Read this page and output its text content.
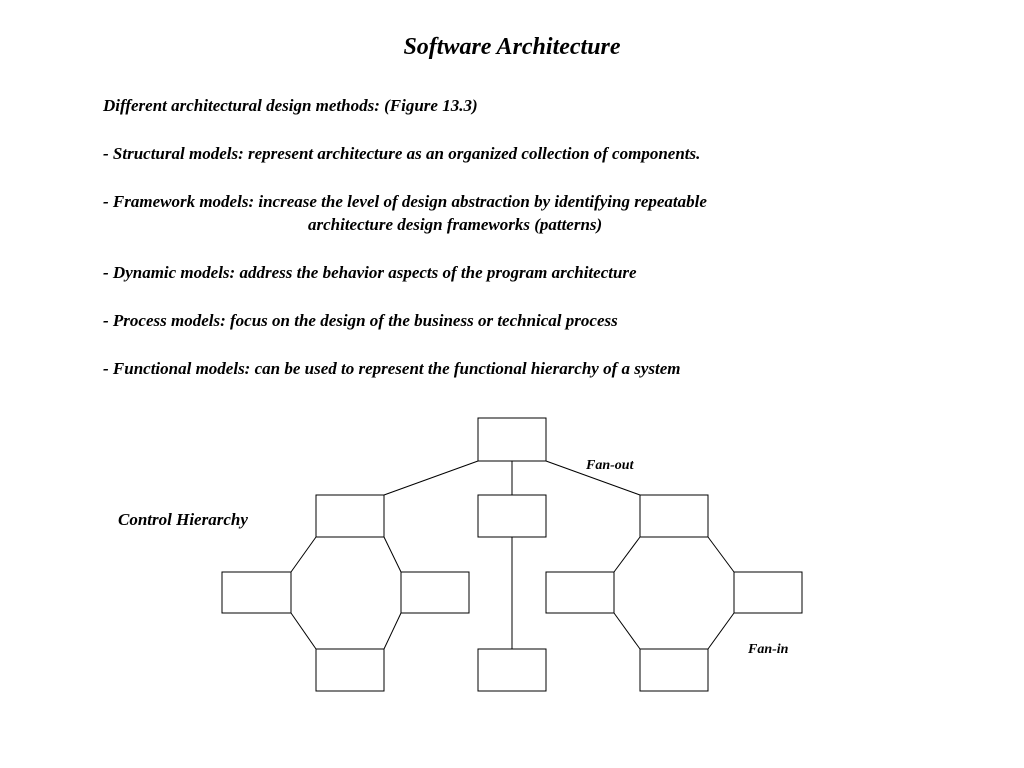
Software Architecture

Different architectural design methods: (Figure 13.3)

- Structural models: represent architecture as an organized collection of components.

- Framework models: increase the level of design abstraction by identifying repeatable

architecture design frameworks (patterns)

- Dynamic models: address the behavior aspects of the program architecture

- Process models: focus on the design of the business or technical process

- Functional models: can be used to represent the functional hierarchy of a system

Control Hierarchy
Fan-out
Fan-in
